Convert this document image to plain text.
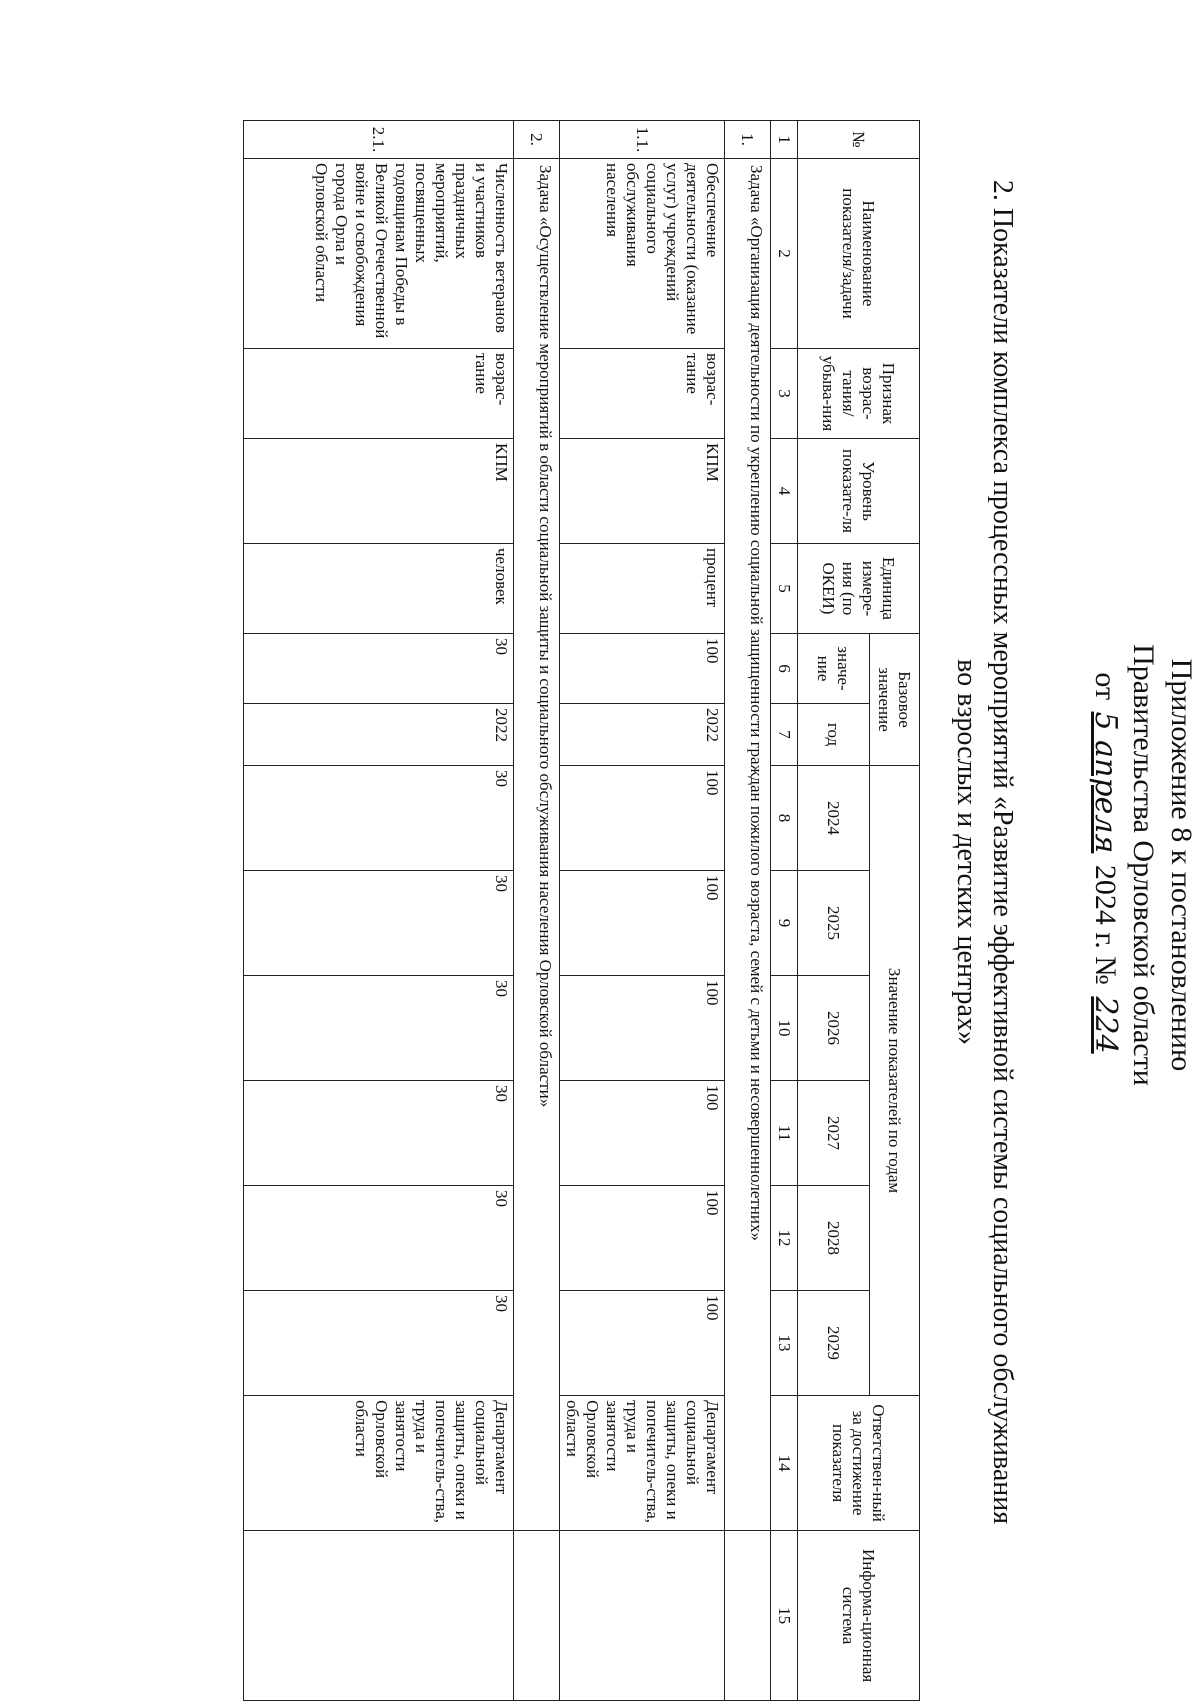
Приложение 8 к постановлению
Правительства Орловской области
от 5 апреля 2024 г. № 224
2. Показатели комплекса процессных мероприятий «Развитие эффективной системы социального обслуживания
во взрослых и детских центрах»
№	Наименование показателя/задачи	Признак возрас-тания/ убыва-ния	Уровень показате-ля	Единица измере-ния (по ОКЕИ)	Базовое значение		Значение показателей по годам						Ответствен-ный за достижение показателя	Информа-ционная система
					значе-ние	год	2024	2025	2026	2027	2028	2029		
1	2	3	4	5	6	7	8	9	10	11	12	13	14	15
1.	Задача «Организация деятельности по укреплению социальной защищенности граждан пожилого возраста, семей с детьми и несовершеннолетних»													
1.1.	Обеспечение деятельности (оказание услуг) учреждений социального обслуживания населения	возрас-тание	КПМ	процент	100	2022	100	100	100	100	100	100	Департамент социальной защиты, опеки и попечитель-ства, труда и занятости Орловской области	
2.	Задача «Осуществление мероприятий в области социальной защиты и социального обслуживания населения Орловской области»													
2.1.	Численность ветеранов и участников праздничных мероприятий, посвященных годовщинам Победы в Великой Отечественной войне и освобождения города Орла и Орловской области	возрас-тание	КПМ	человек	30	2022	30	30	30	30	30	30	Департамент социальной защиты, опеки и попечитель-ства, труда и занятости Орловской области	
